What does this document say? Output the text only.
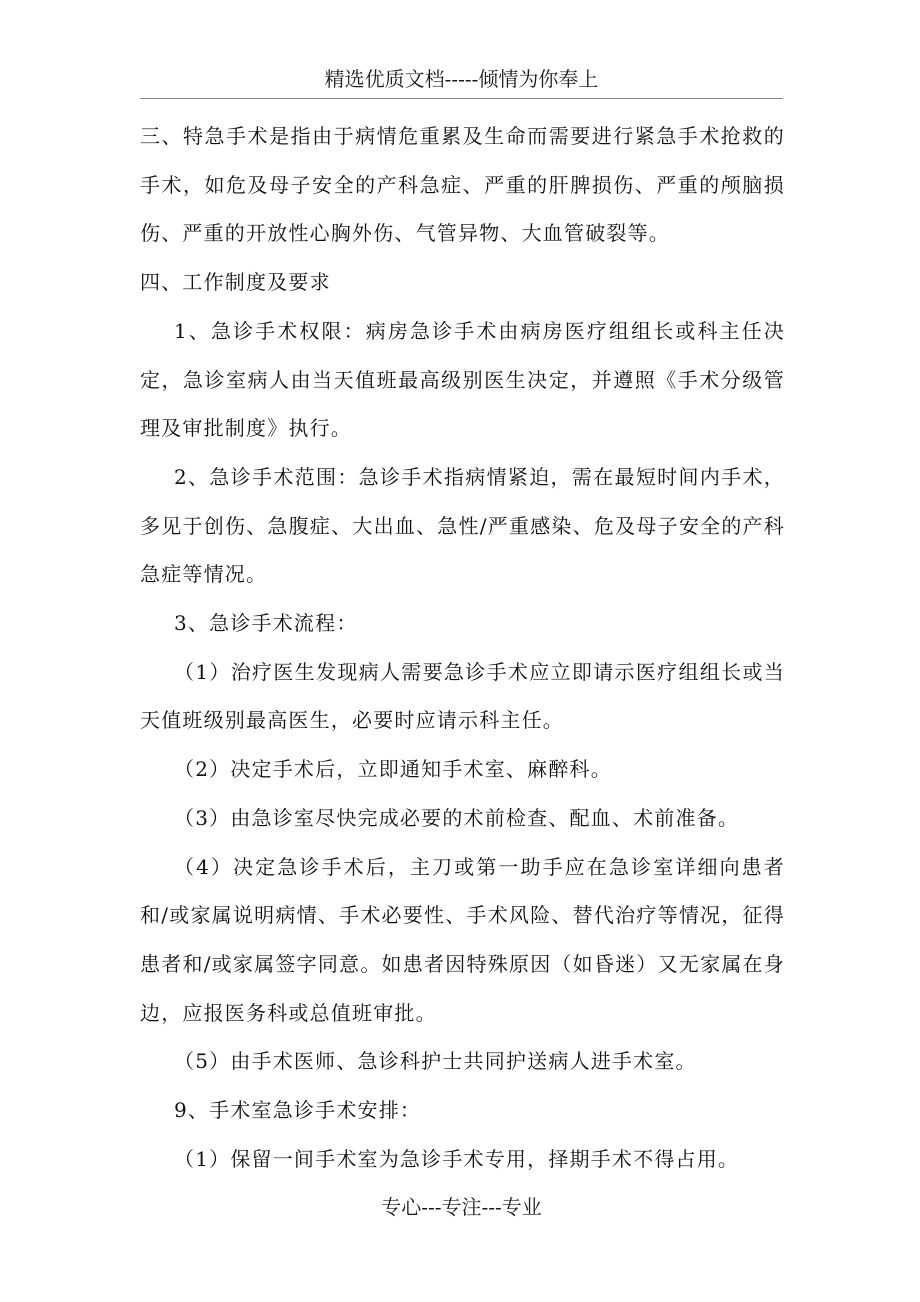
精选优质文档-----倾情为你奉上

三、特急手术是指由于病情危重累及生命而需要进行紧急手术抢救的手术，如危及母子安全的产科急症、严重的肝脾损伤、严重的颅脑损伤、严重的开放性心胸外伤、气管异物、大血管破裂等。

四、工作制度及要求

1、急诊手术权限：病房急诊手术由病房医疗组组长或科主任决定，急诊室病人由当天值班最高级别医生决定，并遵照《手术分级管理及审批制度》执行。

2、急诊手术范围：急诊手术指病情紧迫，需在最短时间内手术，多见于创伤、急腹症、大出血、急性/严重感染、危及母子安全的产科急症等情况。

3、急诊手术流程：

（1）治疗医生发现病人需要急诊手术应立即请示医疗组组长或当天值班级别最高医生，必要时应请示科主任。

（2）决定手术后，立即通知手术室、麻醉科。

（3）由急诊室尽快完成必要的术前检查、配血、术前准备。

（4）决定急诊手术后，主刀或第一助手应在急诊室详细向患者和/或家属说明病情、手术必要性、手术风险、替代治疗等情况，征得患者和/或家属签字同意。如患者因特殊原因（如昏迷）又无家属在身边，应报医务科或总值班审批。

（5）由手术医师、急诊科护士共同护送病人进手术室。

9、手术室急诊手术安排：

（1）保留一间手术室为急诊手术专用，择期手术不得占用。

专心---专注---专业
